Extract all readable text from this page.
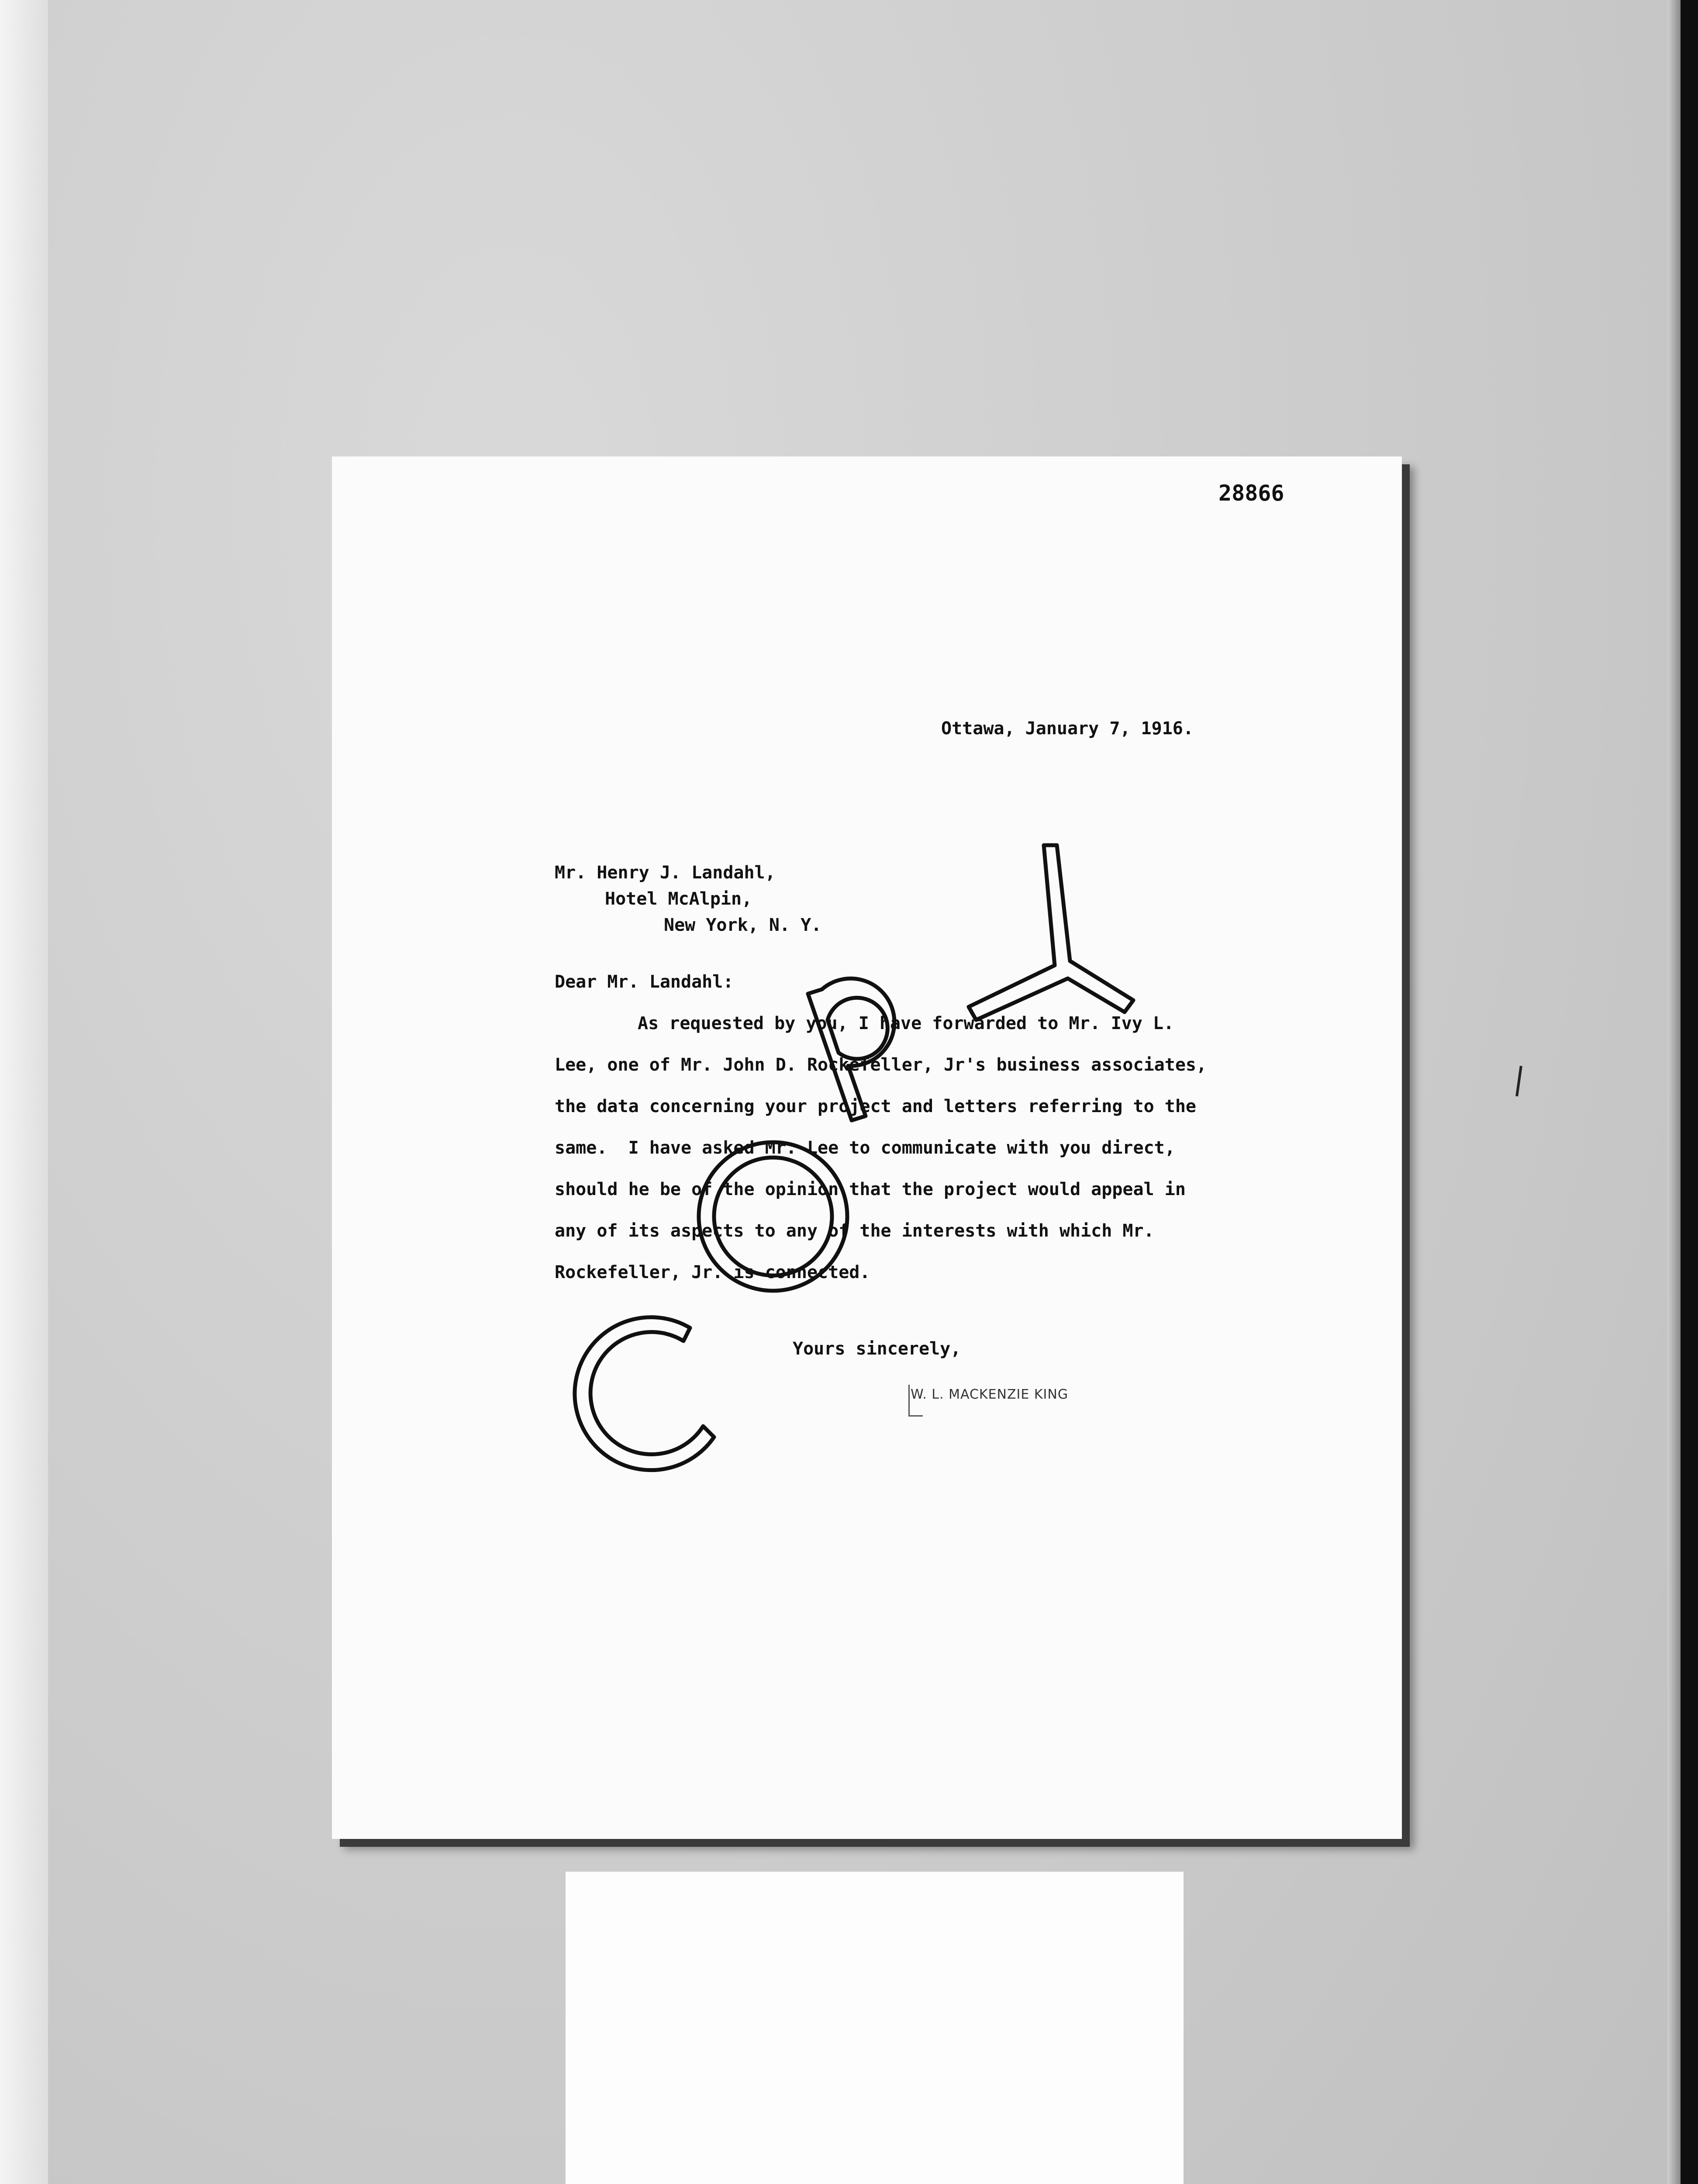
28866
Ottawa, January 7, 1916.
Mr. Henry J. Landahl,
Hotel McAlpin,
New York, N. Y.
Dear Mr. Landahl:
As requested by you, I have forwarded to Mr. Ivy L.
Lee, one of Mr. John D. Rockefeller, Jr's business associates,
the data concerning your project and letters referring to the
same.  I have asked Mr. Lee to communicate with you direct,
should he be of the opinion that the project would appeal in
any of its aspects to any of the interests with which Mr.
Rockefeller, Jr. is connected.
Yours sincerely,
W. L. MACKENZIE KING
